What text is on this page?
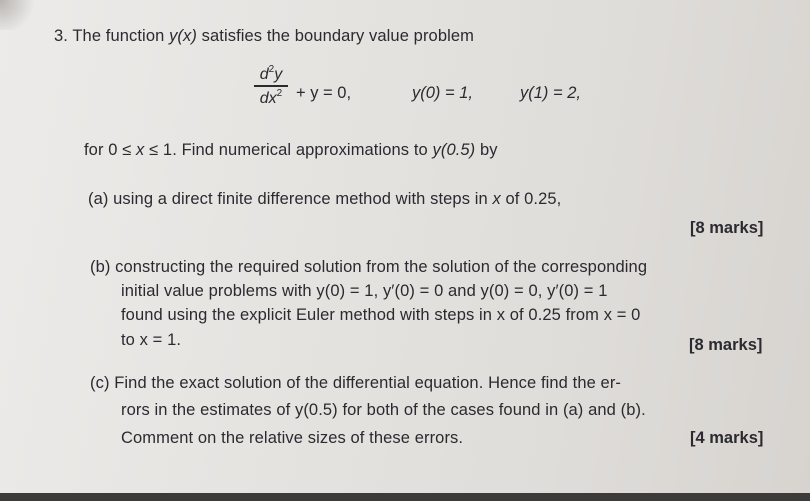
3. The function y(x) satisfies the boundary value problem
$d^2y$
$dx^2 + y = 0$,	y(0) = 1,	y(1) = 2,
for 0 ≤ x ≤ 1. Find numerical approximations to y(0.5) by
(a) using a direct finite difference method with steps in x of 0.25,
[8 marks]
(b) constructing the required solution from the solution of the corresponding
initial value problems with y(0) = 1, y′(0) = 0 and y(0) = 0, y′(0) = 1
found using the explicit Euler method with steps in x of 0.25 from x = 0
to x = 1.	[8 marks]
(c) Find the exact solution of the differential equation. Hence find the er-
rors in the estimates of y(0.5) for both of the cases found in (a) and (b).
Comment on the relative sizes of these errors.	[4 marks]
